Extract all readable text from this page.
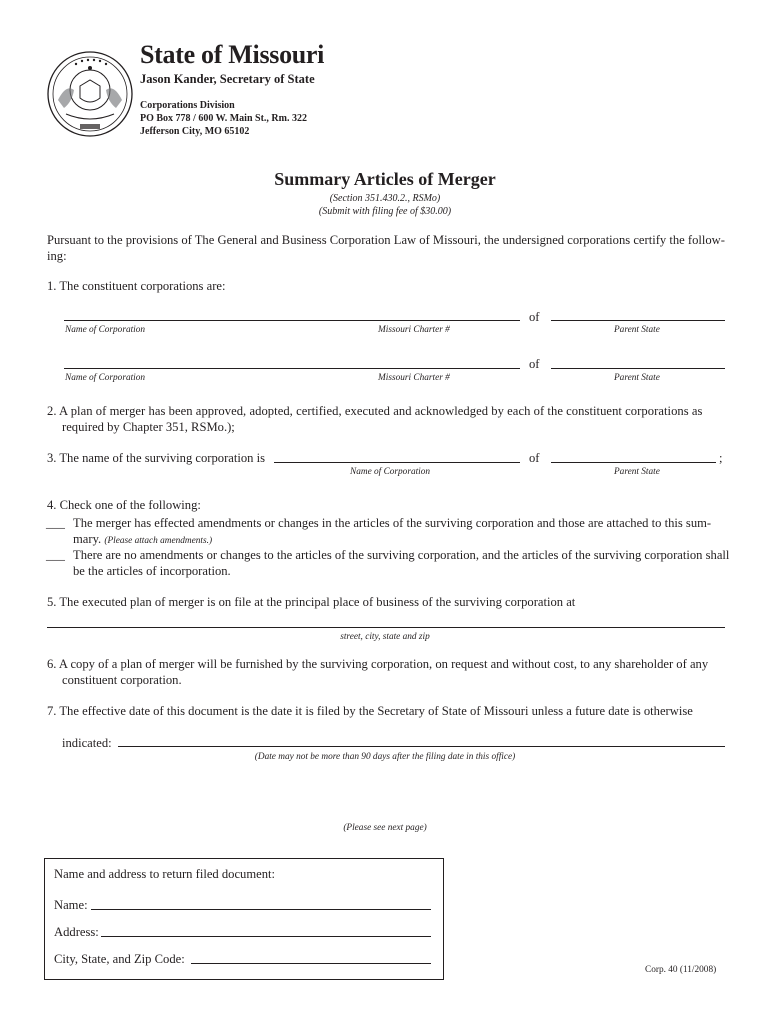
State of Missouri
Jason Kander, Secretary of State
Corporations Division
PO Box 778 / 600 W. Main St., Rm. 322
Jefferson City, MO 65102
Summary Articles of Merger
(Section 351.430.2., RSMo)
(Submit with filing fee of $30.00)
Pursuant to the provisions of The General and Business Corporation Law of Missouri, the undersigned corporations certify the follow-
ing:
1. The constituent corporations are:
of
Name of Corporation	Missouri Charter #	Parent State
of
Name of Corporation	Missouri Charter #	Parent State
2. A plan of merger has been approved, adopted, certified, executed and acknowledged by each of the constituent corporations as
required by Chapter 351, RSMo.);
3. The name of the surviving corporation is	of	;
Name of Corporation	Parent State
4. Check one of the following:
___ The merger has effected amendments or changes in the articles of the surviving corporation and those are attached to this sum-
mary. (Please attach amendments.)
___ There are no amendments or changes to the articles of the surviving corporation, and the articles of the surviving corporation shall
be the articles of incorporation.
5. The executed plan of merger is on file at the principal place of business of the surviving corporation at
street, city, state and zip
6. A copy of a plan of merger will be furnished by the surviving corporation, on request and without cost, to any shareholder of any
constituent corporation.
7. The effective date of this document is the date it is filed by the Secretary of State of Missouri unless a future date is otherwise
indicated:
(Date may not be more than 90 days after the filing date in this office)
(Please see next page)
Name and address to return filed document:
Name:
Address:
City, State, and Zip Code:
Corp. 40 (11/2008)
